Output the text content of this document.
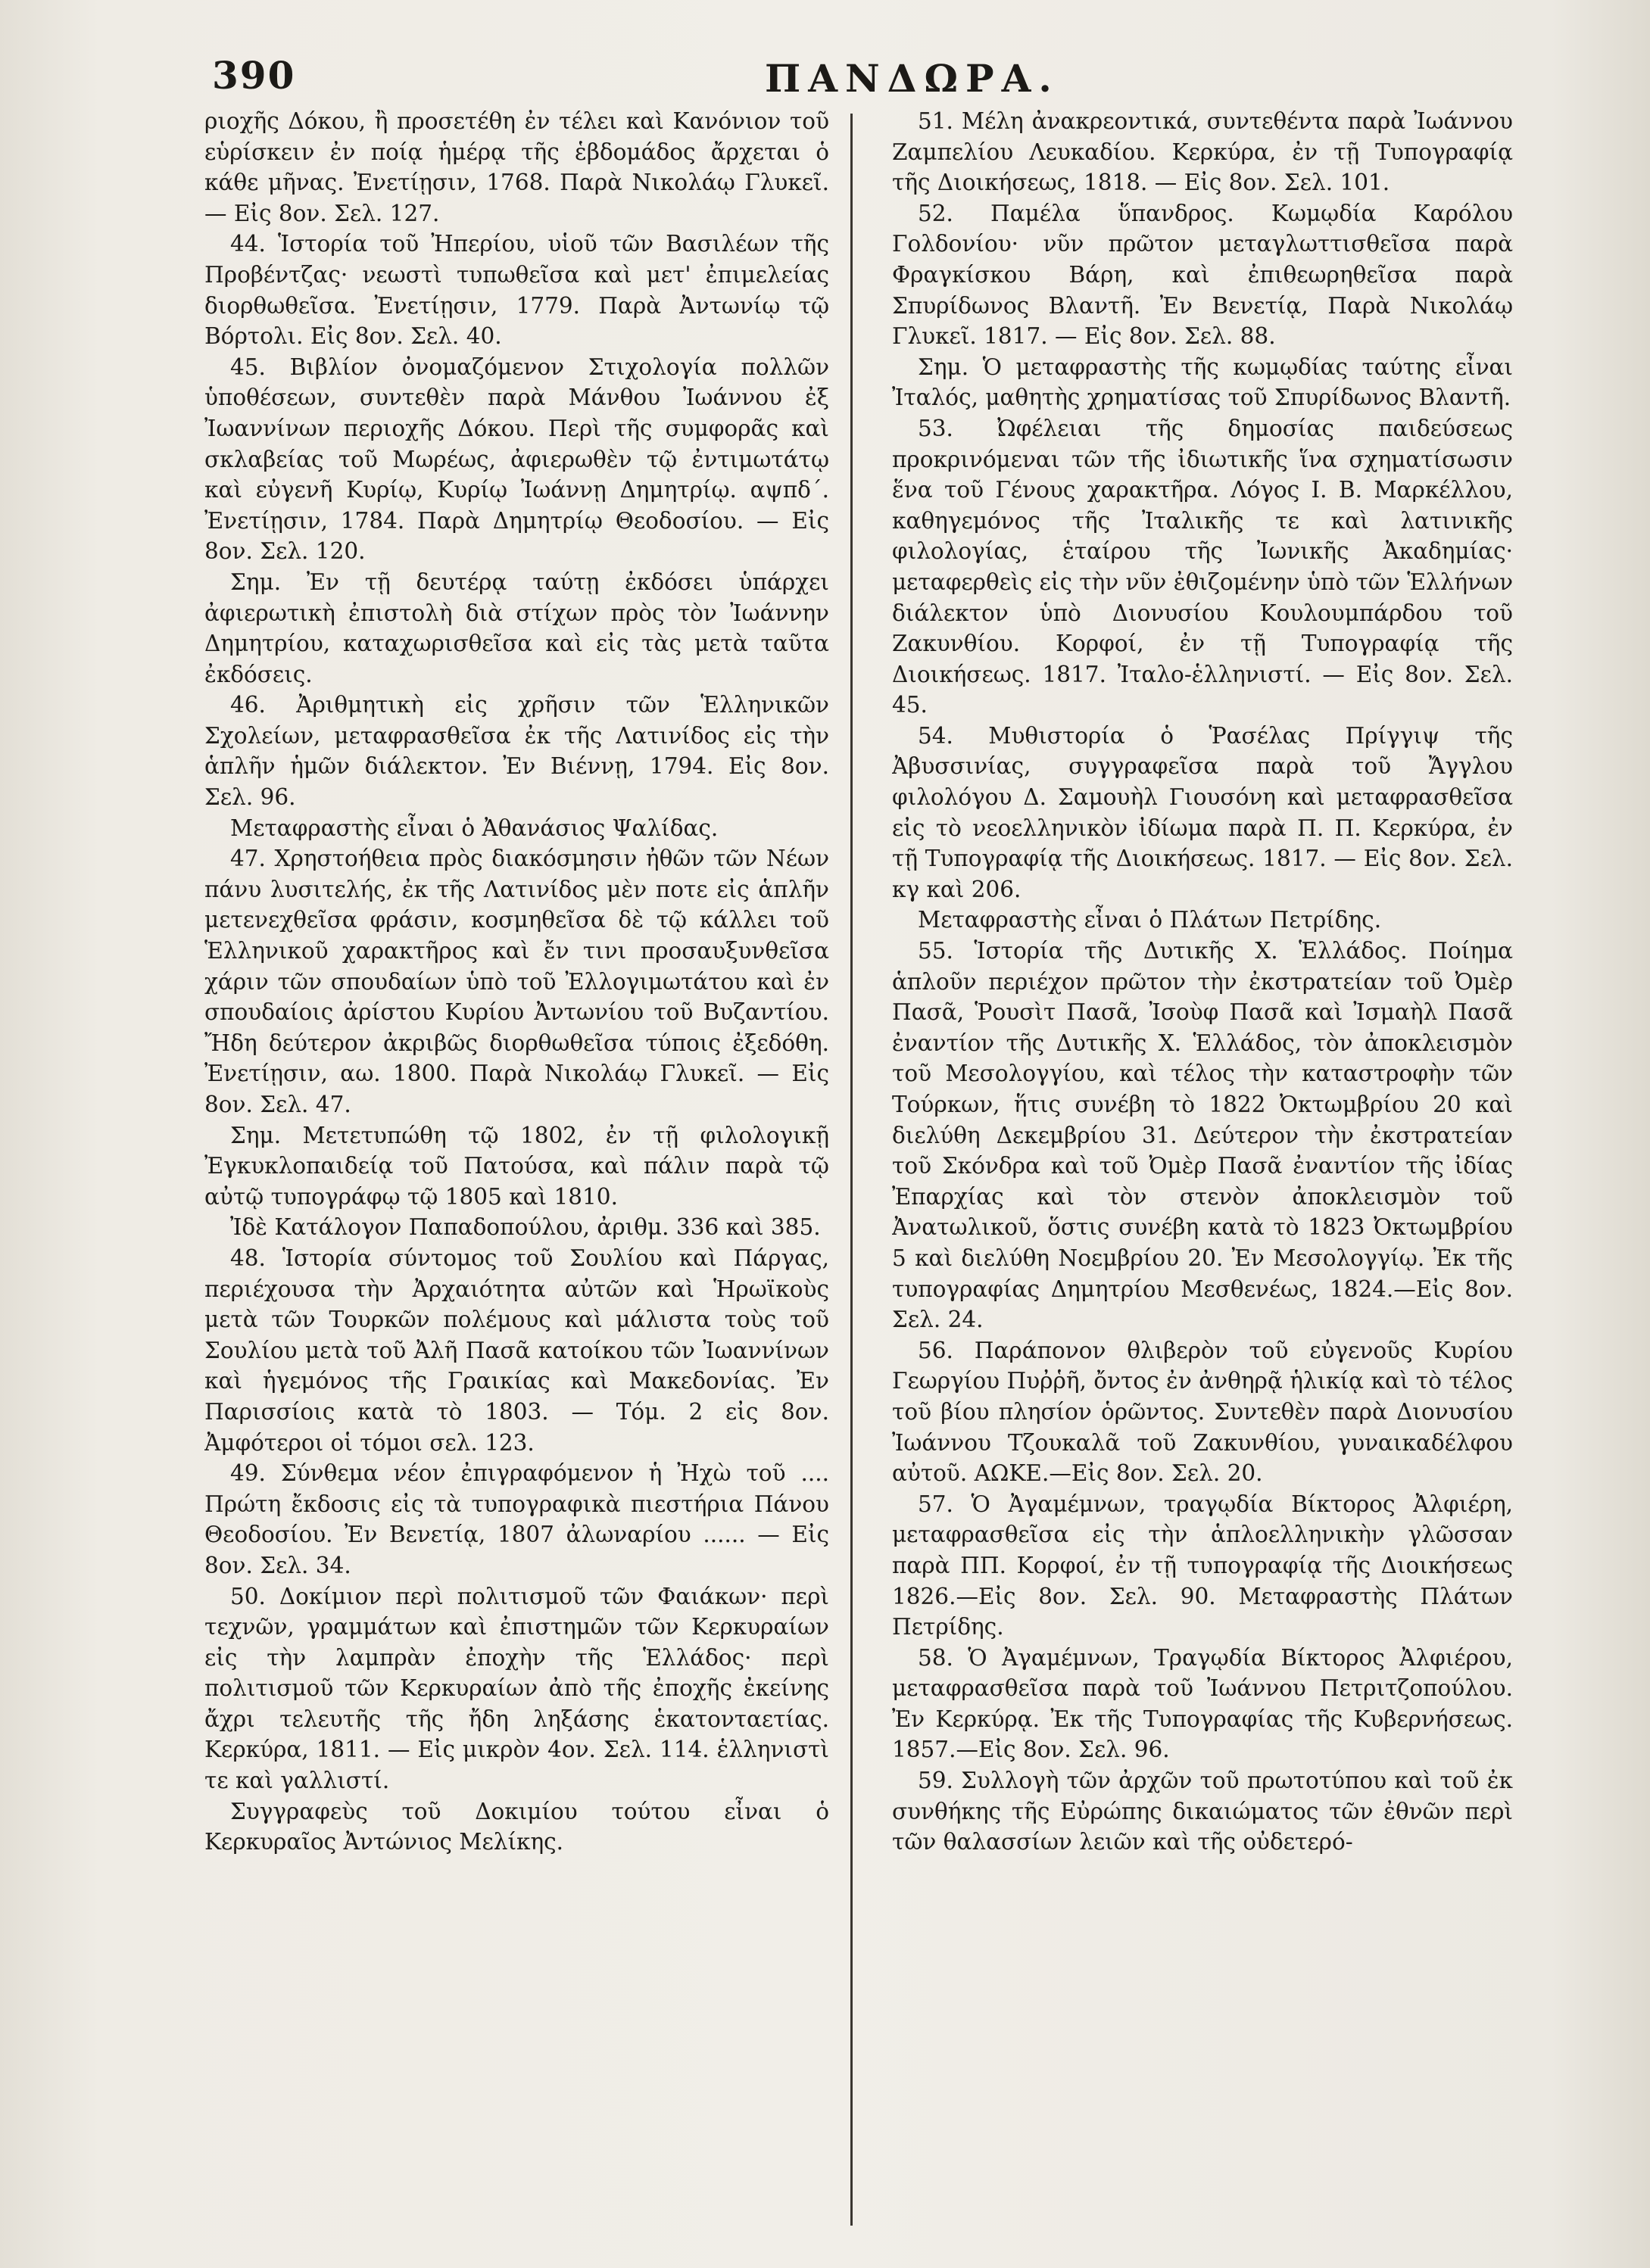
390	ΠΑΝΔΩΡΑ.

ριοχῆς Δόκου, ἢ προσετέθη ἐν τέλει καὶ Κανόνιον τοῦ εὑρίσκειν ἐν ποίᾳ ἡμέρᾳ τῆς ἑβδομάδος ἄρχεται ὁ κάθε μῆνας. Ἐνετίῃσιν, 1768. Παρὰ Νικολάῳ Γλυκεῖ. — Εἰς 8ον. Σελ. 127.

44. Ἱστορία τοῦ Ἠπερίου, υἱοῦ τῶν Βασιλέων τῆς Προβέντζας· νεωστὶ τυπωθεῖσα καὶ μετ' ἐπιμελείας διορθωθεῖσα. Ἐνετίῃσιν, 1779. Παρὰ Ἀντωνίῳ τῷ Βόρτολι. Εἰς 8ον. Σελ. 40.

45. Βιβλίον ὀνομαζόμενον Στιχολογία πολλῶν ὑποθέσεων, συντεθὲν παρὰ Μάνθου Ἰωάννου ἐξ Ἰωαννίνων περιοχῆς Δόκου. Περὶ τῆς συμφορᾶς καὶ σκλαβείας τοῦ Μωρέως, ἀφιερωθὲν τῷ ἐντιμωτάτῳ καὶ εὐγενῆ Κυρίῳ, Κυρίῳ Ἰωάννῃ Δημητρίῳ. αψπδ΄. Ἐνετίῃσιν, 1784. Παρὰ Δημητρίῳ Θεοδοσίου. — Εἰς 8ον. Σελ. 120.

Σημ. Ἐν τῇ δευτέρᾳ ταύτῃ ἐκδόσει ὑπάρχει ἀφιερωτικὴ ἐπιστολὴ διὰ στίχων πρὸς τὸν Ἰωάννην Δημητρίου, καταχωρισθεῖσα καὶ εἰς τὰς μετὰ ταῦτα ἐκδόσεις.

46. Ἀριθμητικὴ εἰς χρῆσιν τῶν Ἑλληνικῶν Σχολείων, μεταφρασθεῖσα ἐκ τῆς Λατινίδος εἰς τὴν ἁπλῆν ἡμῶν διάλεκτον. Ἐν Βιέννῃ, 1794. Εἰς 8ον. Σελ. 96.

Μεταφραστὴς εἶναι ὁ Ἀθανάσιος Ψαλίδας.

47. Χρηστοήθεια πρὸς διακόσμησιν ἠθῶν τῶν Νέων πάνυ λυσιτελής, ἐκ τῆς Λατινίδος μὲν ποτε εἰς ἁπλῆν μετενεχθεῖσα φράσιν, κοσμηθεῖσα δὲ τῷ κάλλει τοῦ Ἑλληνικοῦ χαρακτῆρος καὶ ἔν τινι προσαυξυνθεῖσα χάριν τῶν σπουδαίων ὑπὸ τοῦ Ἐλλογιμωτάτου καὶ ἐν σπουδαίοις ἀρίστου Κυρίου Ἀντωνίου τοῦ Βυζαντίου. Ἤδη δεύτερον ἀκριβῶς διορθωθεῖσα τύποις ἐξεδόθη. Ἐνετίῃσιν, αω. 1800. Παρὰ Νικολάῳ Γλυκεῖ. — Εἰς 8ον. Σελ. 47.

Σημ. Μετετυπώθη τῷ 1802, ἐν τῇ φιλολογικῇ Ἐγκυκλοπαιδείᾳ τοῦ Πατούσα, καὶ πάλιν παρὰ τῷ αὐτῷ τυπογράφῳ τῷ 1805 καὶ 1810.

Ἰδὲ Κατάλογον Παπαδοπούλου, ἀριθμ. 336 καὶ 385.

48. Ἱστορία σύντομος τοῦ Σουλίου καὶ Πάργας, περιέχουσα τὴν Ἀρχαιότητα αὐτῶν καὶ Ἡρωϊκοὺς μετὰ τῶν Τουρκῶν πολέμους καὶ μάλιστα τοὺς τοῦ Σουλίου μετὰ τοῦ Ἀλῆ Πασᾶ κατοίκου τῶν Ἰωαννίνων καὶ ἡγεμόνος τῆς Γραικίας καὶ Μακεδονίας. Ἐν Παρισσίοις κατὰ τὸ 1803. — Τόμ. 2 εἰς 8ον. Ἀμφότεροι οἱ τόμοι σελ. 123.

49. Σύνθεμα νέον ἐπιγραφόμενον ἡ Ἠχὼ τοῦ .... Πρώτη ἔκδοσις εἰς τὰ τυπογραφικὰ πιεστήρια Πάνου Θεοδοσίου. Ἐν Βενετίᾳ, 1807 ἀλωναρίου ...... — Εἰς 8ον. Σελ. 34.

50. Δοκίμιον περὶ πολιτισμοῦ τῶν Φαιάκων· περὶ τεχνῶν, γραμμάτων καὶ ἐπιστημῶν τῶν Κερκυραίων εἰς τὴν λαμπρὰν ἐποχὴν τῆς Ἑλλάδος· περὶ πολιτισμοῦ τῶν Κερκυραίων ἀπὸ τῆς ἐποχῆς ἐκείνης ἄχρι τελευτῆς τῆς ἤδη ληξάσης ἑκατονταετίας. Κερκύρα, 1811. — Εἰς μικρὸν 4ον. Σελ. 114. ἑλληνιστὶ τε καὶ γαλλιστί.

Συγγραφεὺς τοῦ Δοκιμίου τούτου εἶναι ὁ Κερκυραῖος Ἀντώνιος Μελίκης.

51. Μέλη ἀνακρεοντικά, συντεθέντα παρὰ Ἰωάννου Ζαμπελίου Λευκαδίου. Κερκύρα, ἐν τῇ Τυπογραφίᾳ τῆς Διοικήσεως, 1818. — Εἰς 8ον. Σελ. 101.

52. Παμέλα ὕπανδρος. Κωμῳδία Καρόλου Γολδονίου· νῦν πρῶτον μεταγλωττισθεῖσα παρὰ Φραγκίσκου Βάρη, καὶ ἐπιθεωρηθεῖσα παρὰ Σπυρίδωνος Βλαντῆ. Ἐν Βενετίᾳ, Παρὰ Νικολάῳ Γλυκεῖ. 1817. — Εἰς 8ον. Σελ. 88.

Σημ. Ὁ μεταφραστὴς τῆς κωμῳδίας ταύτης εἶναι Ἰταλός, μαθητὴς χρηματίσας τοῦ Σπυρίδωνος Βλαντῆ.

53. Ὠφέλειαι τῆς δημοσίας παιδεύσεως προκρινόμεναι τῶν τῆς ἰδιωτικῆς ἵνα σχηματίσωσιν ἕνα τοῦ Γένους χαρακτῆρα. Λόγος Ι. Β. Μαρκέλλου, καθηγεμόνος τῆς Ἰταλικῆς τε καὶ λατινικῆς φιλολογίας, ἑταίρου τῆς Ἰωνικῆς Ἀκαδημίας· μεταφερθεὶς εἰς τὴν νῦν ἐθιζομένην ὑπὸ τῶν Ἑλλήνων διάλεκτον ὑπὸ Διονυσίου Κουλουμπάρδου τοῦ Ζακυνθίου. Κορφοί, ἐν τῇ Τυπογραφίᾳ τῆς Διοικήσεως. 1817. Ἰταλο-ἑλληνιστί. — Εἰς 8ον. Σελ. 45.

54. Μυθιστορία ὁ Ῥασέλας Πρίγγιψ τῆς Ἀβυσσινίας, συγγραφεῖσα παρὰ τοῦ Ἄγγλου φιλολόγου Δ. Σαμουὴλ Γιουσόνη καὶ μεταφρασθεῖσα εἰς τὸ νεοελληνικὸν ἰδίωμα παρὰ Π. Π. Κερκύρα, ἐν τῇ Τυπογραφίᾳ τῆς Διοικήσεως. 1817. — Εἰς 8ον. Σελ. κγ καὶ 206.

Μεταφραστὴς εἶναι ὁ Πλάτων Πετρίδης.

55. Ἱστορία τῆς Δυτικῆς Χ. Ἑλλάδος. Ποίημα ἁπλοῦν περιέχον πρῶτον τὴν ἐκστρατείαν τοῦ Ὀμὲρ Πασᾶ, Ῥουσὶτ Πασᾶ, Ἰσοὺφ Πασᾶ καὶ Ἰσμαὴλ Πασᾶ ἐναντίον τῆς Δυτικῆς Χ. Ἑλλάδος, τὸν ἀποκλεισμὸν τοῦ Μεσολογγίου, καὶ τέλος τὴν καταστροφὴν τῶν Τούρκων, ἥτις συνέβη τὸ 1822 Ὀκτωμβρίου 20 καὶ διελύθη Δεκεμβρίου 31. Δεύτερον τὴν ἐκστρατείαν τοῦ Σκόνδρα καὶ τοῦ Ὀμὲρ Πασᾶ ἐναντίον τῆς ἰδίας Ἐπαρχίας καὶ τὸν στενὸν ἀποκλεισμὸν τοῦ Ἀνατωλικοῦ, ὅστις συνέβη κατὰ τὸ 1823 Ὀκτωμβρίου 5 καὶ διελύθη Νοεμβρίου 20. Ἐν Μεσολογγίῳ. Ἐκ τῆς τυπογραφίας Δημητρίου Μεσθενέως, 1824.—Εἰς 8ον. Σελ. 24.

56. Παράπονον θλιβερὸν τοῦ εὐγενοῦς Κυρίου Γεωργίου Πυῤῥῆ, ὄντος ἐν ἀνθηρᾷ ἡλικίᾳ καὶ τὸ τέλος τοῦ βίου πλησίον ὁρῶντος. Συντεθὲν παρὰ Διονυσίου Ἰωάννου Τζουκαλᾶ τοῦ Ζακυνθίου, γυναικαδέλφου αὐτοῦ. ΑΩΚΕ.—Εἰς 8ον. Σελ. 20.

57. Ὁ Ἀγαμέμνων, τραγῳδία Βίκτορος Ἀλφιέρη, μεταφρασθεῖσα εἰς τὴν ἁπλοελληνικὴν γλῶσσαν παρὰ ΠΠ. Κορφοί, ἐν τῇ τυπογραφίᾳ τῆς Διοικήσεως 1826.—Εἰς 8ον. Σελ. 90. Μεταφραστὴς Πλάτων Πετρίδης.

58. Ὁ Ἀγαμέμνων, Τραγῳδία Βίκτορος Ἀλφιέρου, μεταφρασθεῖσα παρὰ τοῦ Ἰωάννου Πετριτζοπούλου. Ἐν Κερκύρᾳ. Ἐκ τῆς Τυπογραφίας τῆς Κυβερνήσεως. 1857.—Εἰς 8ον. Σελ. 96.

59. Συλλογὴ τῶν ἀρχῶν τοῦ πρωτοτύπου καὶ τοῦ ἐκ συνθήκης τῆς Εὐρώπης δικαιώματος τῶν ἐθνῶν περὶ τῶν θαλασσίων λειῶν καὶ τῆς οὐδετερό-
